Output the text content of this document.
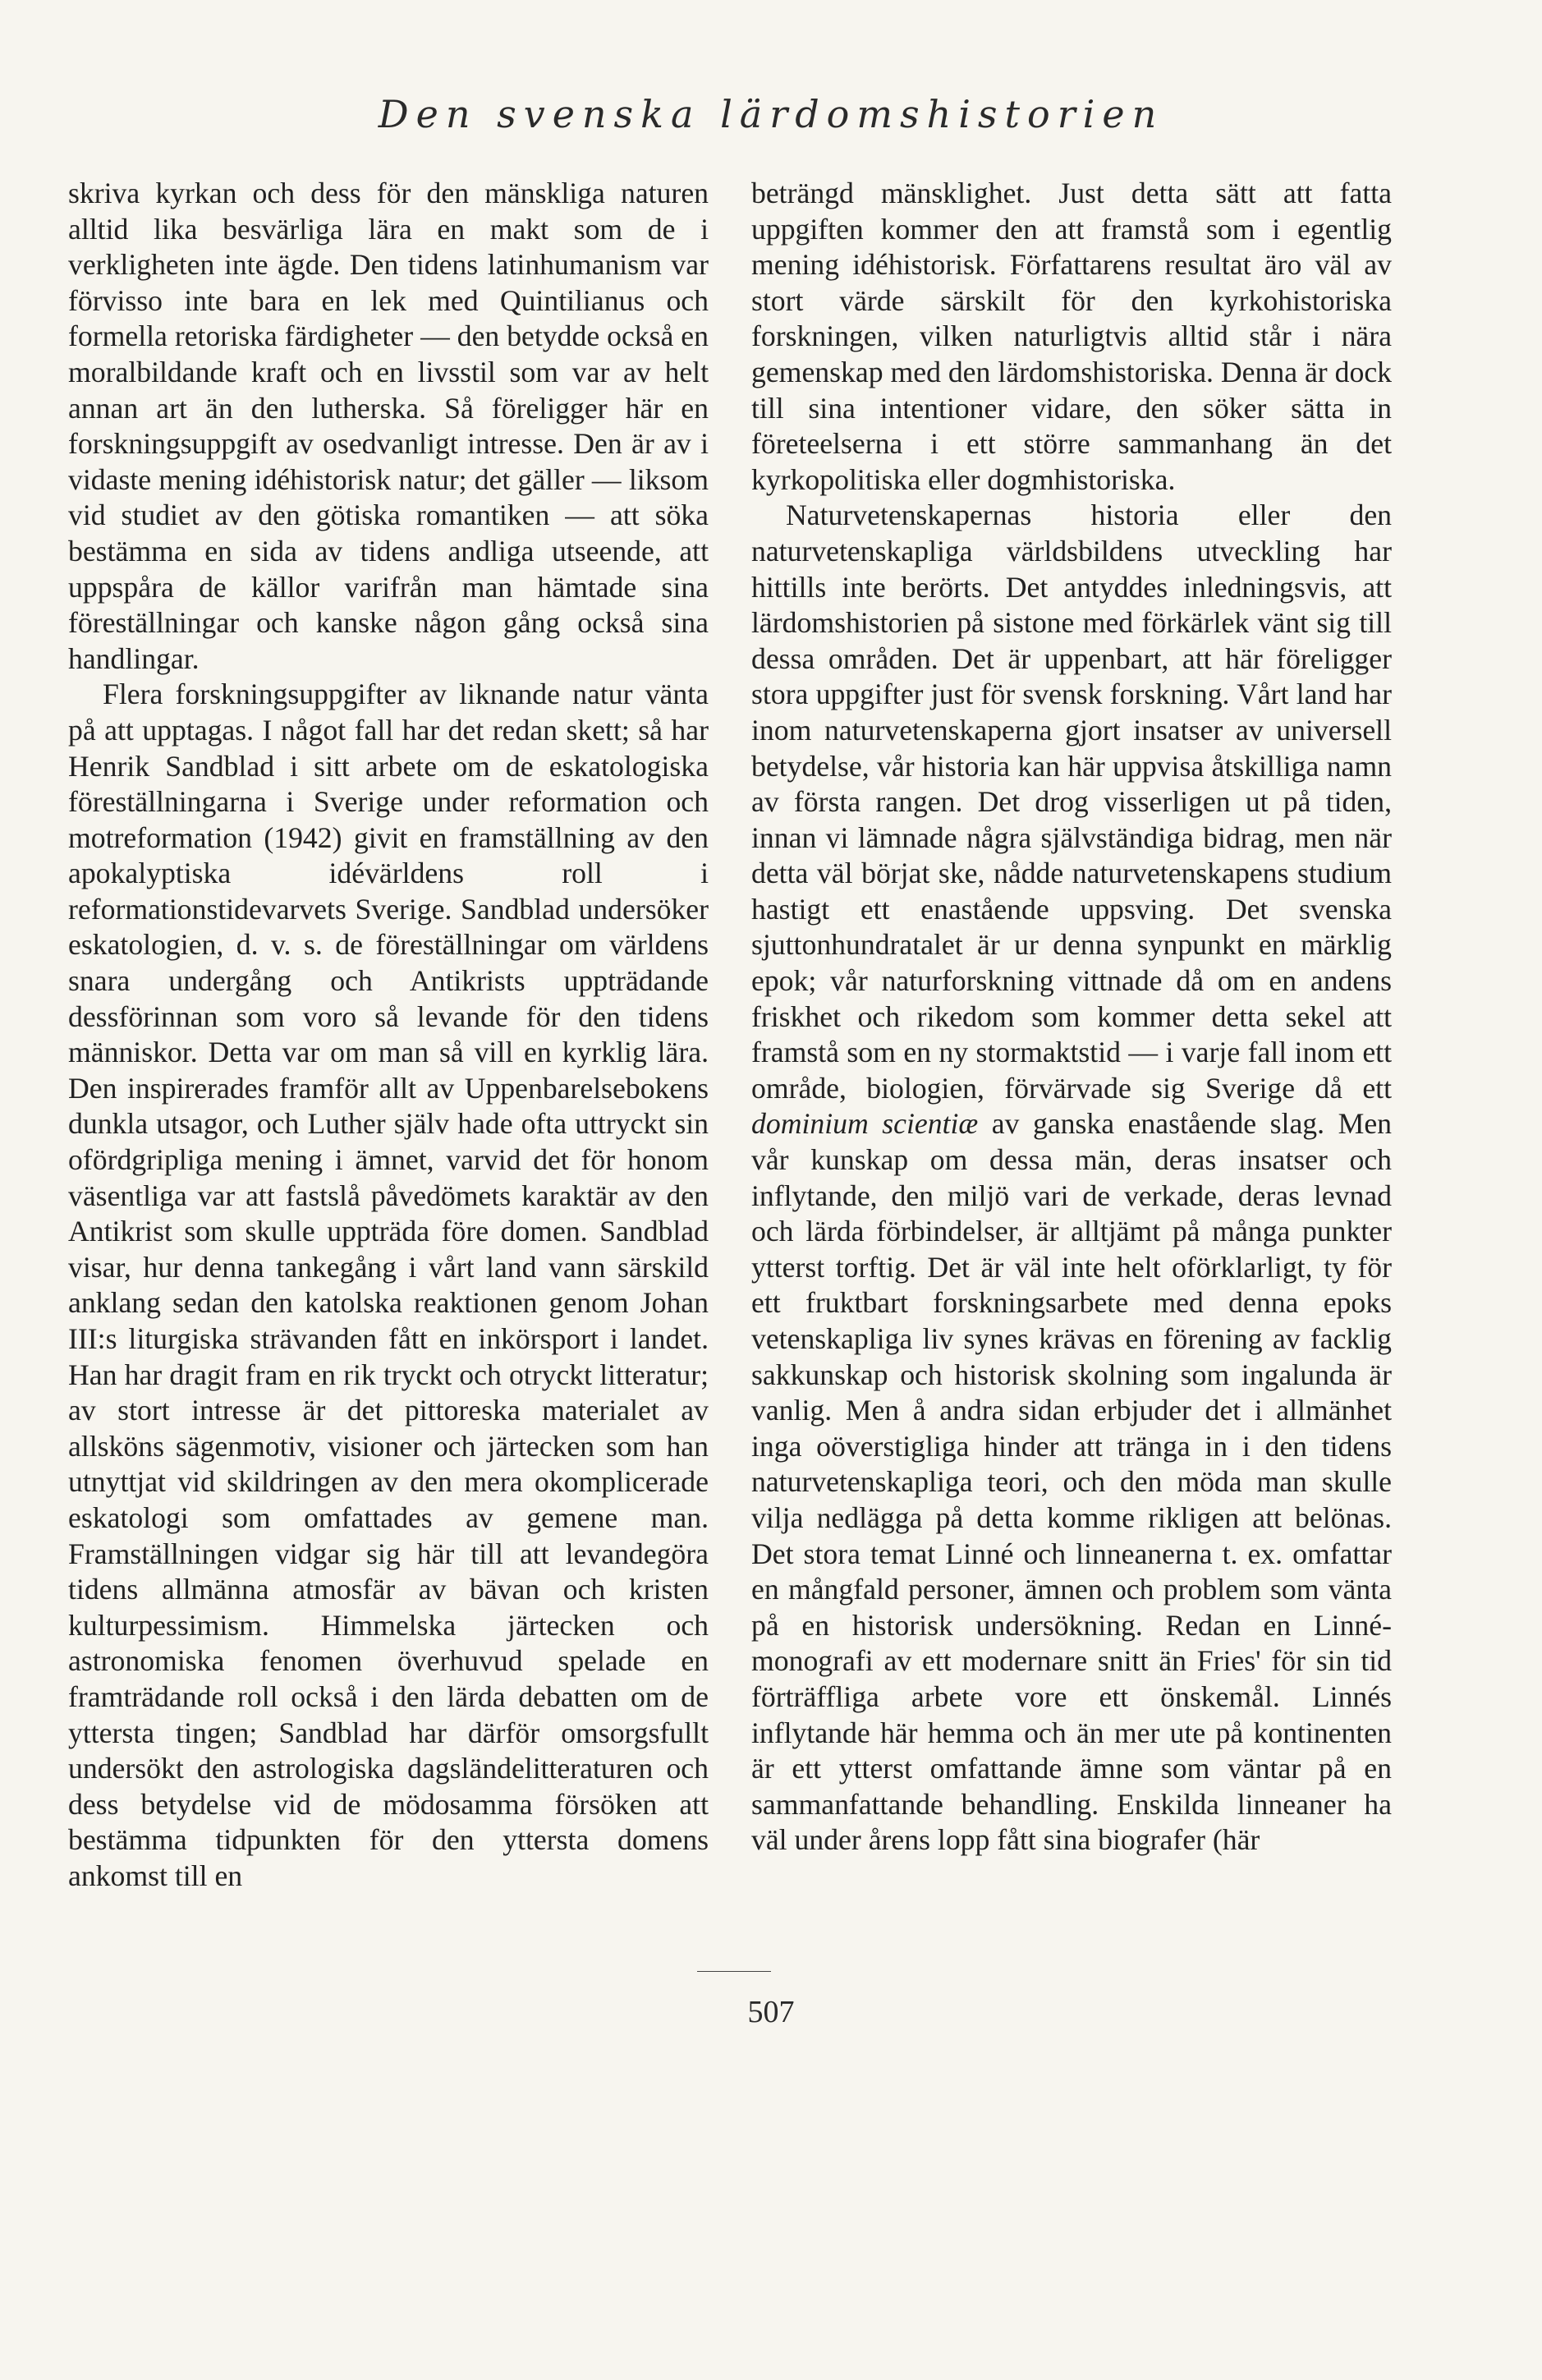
Den svenska lärdomshistorien

skriva kyrkan och dess för den mänskliga naturen alltid lika besvärliga lära en makt som de i verkligheten inte ägde. Den tidens latinhumanism var förvisso inte bara en lek med Quintilianus och formella retoriska färdigheter — den betydde också en moralbildande kraft och en livsstil som var av helt annan art än den lutherska. Så föreligger här en forskningsuppgift av osedvanligt intresse. Den är av i vidaste mening idéhistorisk natur; det gäller — liksom vid studiet av den götiska romantiken — att söka bestämma en sida av tidens andliga utseende, att uppspåra de källor varifrån man hämtade sina föreställningar och kanske någon gång också sina handlingar.

Flera forskningsuppgifter av liknande natur vänta på att upptagas. I något fall har det redan skett; så har Henrik Sandblad i sitt arbete om de eskatologiska föreställningarna i Sverige under reformation och motreformation (1942) givit en framställning av den apokalyptiska idévärldens roll i reformationstidevarvets Sverige. Sandblad undersöker eskatologien, d. v. s. de föreställningar om världens snara undergång och Antikrists uppträdande dessförinnan som voro så levande för den tidens människor. Detta var om man så vill en kyrklig lära. Den inspirerades framför allt av Uppenbarelsebokens dunkla utsagor, och Luther själv hade ofta uttryckt sin ofördgripliga mening i ämnet, varvid det för honom väsentliga var att fastslå påvedömets karaktär av den Antikrist som skulle uppträda före domen. Sandblad visar, hur denna tankegång i vårt land vann särskild anklang sedan den katolska reaktionen genom Johan III:s liturgiska strävanden fått en inkörsport i landet. Han har dragit fram en rik tryckt och otryckt litteratur; av stort intresse är det pittoreska materialet av allsköns sägenmotiv, visioner och järtecken som han utnyttjat vid skildringen av den mera okomplicerade eskatologi som omfattades av gemene man. Framställningen vidgar sig här till att levandegöra tidens allmänna atmosfär av bävan och kristen kulturpessimism. Himmelska järtecken och astronomiska fenomen överhuvud spelade en framträdande roll också i den lärda debatten om de yttersta tingen; Sandblad har därför omsorgsfullt undersökt den astrologiska dagsländelitteraturen och dess betydelse vid de mödosamma försöken att bestämma tidpunkten för den yttersta domens ankomst till en

beträngd mänsklighet. Just detta sätt att fatta uppgiften kommer den att framstå som i egentlig mening idéhistorisk. Författarens resultat äro väl av stort värde särskilt för den kyrkohistoriska forskningen, vilken naturligtvis alltid står i nära gemenskap med den lärdomshistoriska. Denna är dock till sina intentioner vidare, den söker sätta in företeelserna i ett större sammanhang än det kyrkopolitiska eller dogmhistoriska.

Naturvetenskapernas historia eller den naturvetenskapliga världsbildens utveckling har hittills inte berörts. Det antyddes inledningsvis, att lärdomshistorien på sistone med förkärlek vänt sig till dessa områden. Det är uppenbart, att här föreligger stora uppgifter just för svensk forskning. Vårt land har inom naturvetenskaperna gjort insatser av universell betydelse, vår historia kan här uppvisa åtskilliga namn av första rangen. Det drog visserligen ut på tiden, innan vi lämnade några självständiga bidrag, men när detta väl börjat ske, nådde naturvetenskapens studium hastigt ett enastående uppsving. Det svenska sjuttonhundratalet är ur denna synpunkt en märklig epok; vår naturforskning vittnade då om en andens friskhet och rikedom som kommer detta sekel att framstå som en ny stormaktstid — i varje fall inom ett område, biologien, förvärvade sig Sverige då ett dominium scientiæ av ganska enastående slag. Men vår kunskap om dessa män, deras insatser och inflytande, den miljö vari de verkade, deras levnad och lärda förbindelser, är alltjämt på många punkter ytterst torftig. Det är väl inte helt oförklarligt, ty för ett fruktbart forskningsarbete med denna epoks vetenskapliga liv synes krävas en förening av facklig sakkunskap och historisk skolning som ingalunda är vanlig. Men å andra sidan erbjuder det i allmänhet inga oöverstigliga hinder att tränga in i den tidens naturvetenskapliga teori, och den möda man skulle vilja nedlägga på detta komme rikligen att belönas. Det stora temat Linné och linneanerna t. ex. omfattar en mångfald personer, ämnen och problem som vänta på en historisk undersökning. Redan en Linné-monografi av ett modernare snitt än Fries' för sin tid förträffliga arbete vore ett önskemål. Linnés inflytande här hemma och än mer ute på kontinenten är ett ytterst omfattande ämne som väntar på en sammanfattande behandling. Enskilda linneaner ha väl under årens lopp fått sina biografer (här

507
